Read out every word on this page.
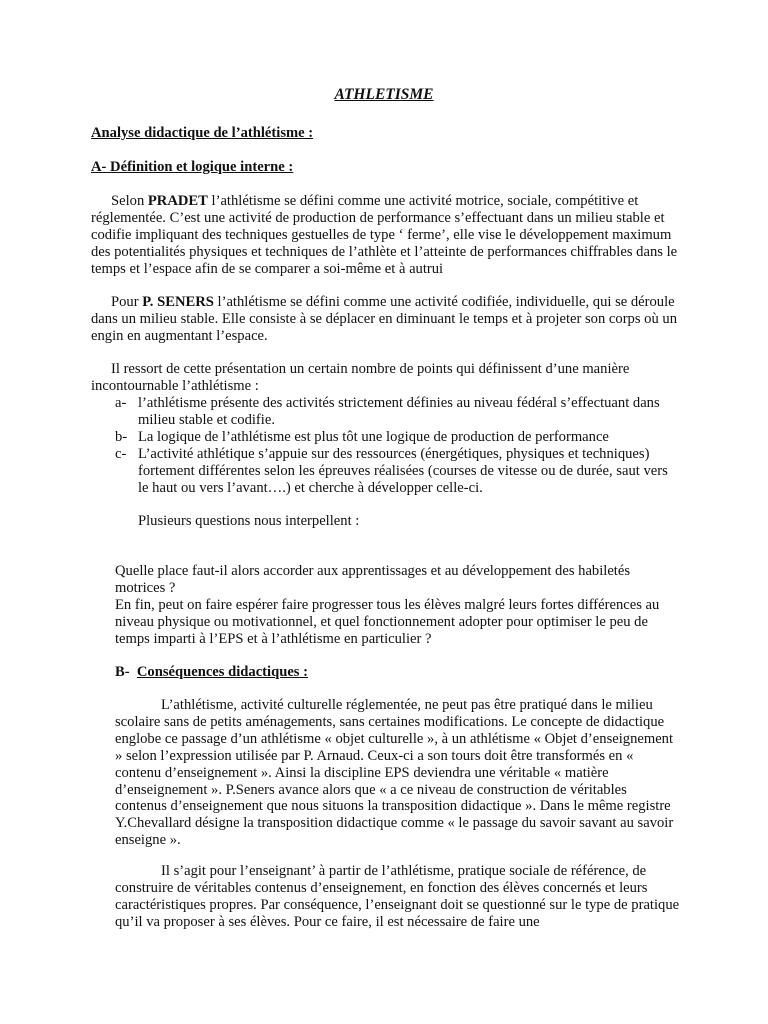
ATHLETISME
Analyse didactique de l’athlétisme :
A- Définition et logique interne :

Selon PRADET l’athlétisme se défini comme une activité motrice, sociale, compétitive et réglementée. C’est une activité de production de performance s’effectuant dans un milieu stable et codifie impliquant des techniques gestuelles de type ‘ ferme’, elle vise le développement maximum des potentialités physiques et techniques de l’athlète et l’atteinte de performances chiffrables dans le temps et l’espace afin de se comparer a soi-même et à autrui

Pour P. SENERS l’athlétisme se défini comme une activité codifiée, individuelle, qui se déroule dans un milieu stable. Elle consiste à se déplacer en diminuant le temps et à projeter son corps où un engin en augmentant l’espace.

Il ressort de cette présentation un certain nombre de points qui définissent d’une manière incontournable l’athlétisme :

a- l’athlétisme présente des activités strictement définies au niveau fédéral s’effectuant dans milieu stable et codifie.
b- La logique de l’athlétisme est plus tôt une logique de production de performance
c- L’activité athlétique s’appuie sur des ressources (énergétiques, physiques et techniques) fortement différentes selon les épreuves réalisées (courses de vitesse ou de durée, saut vers le haut ou vers l’avant….) et cherche à développer celle-ci.

Plusieurs questions nous interpellent :

Quelle place faut-il alors accorder aux apprentissages et au développement des habiletés motrices ?

En fin, peut on faire espérer faire progresser tous les élèves malgré leurs fortes différences au niveau physique ou motivationnel, et quel fonctionnement adopter pour optimiser le peu de temps imparti à l’EPS et à l’athlétisme en particulier ?

B- Conséquences didactiques :

L’athlétisme, activité culturelle réglementée, ne peut pas être pratiqué dans le milieu scolaire sans de petits aménagements, sans certaines modifications. Le concepte de didactique englobe ce passage d’un athlétisme « objet culturelle », à un athlétisme « Objet d’enseignement » selon l’expression utilisée par P. Arnaud. Ceux-ci a son tours doit être transformés en « contenu d’enseignement ». Ainsi la discipline EPS deviendra une véritable « matière d’enseignement ». P.Seners avance alors que « a ce niveau de construction de véritables contenus d’enseignement que nous situons la transposition didactique ». Dans le même registre Y.Chevallard désigne la transposition didactique comme « le passage du savoir savant au savoir enseigne ».

Il s’agit pour l’enseignant’ à partir de l’athlétisme, pratique sociale de référence, de construire de véritables contenus d’enseignement, en fonction des élèves concernés et leurs caractéristiques propres. Par conséquence, l’enseignant doit se questionné sur le type de pratique qu’il va proposer à ses élèves. Pour ce faire, il est nécessaire de faire une
